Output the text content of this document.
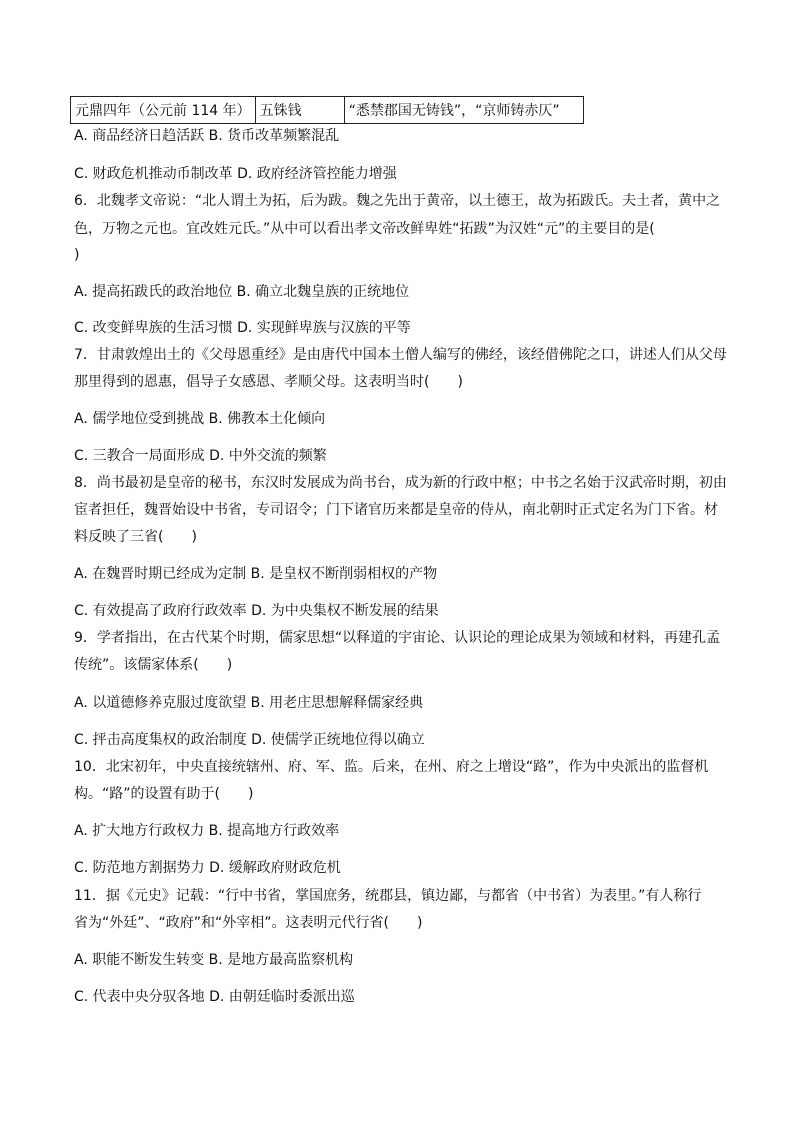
元鼎四年（公元前 114 年）	五铢钱	“悉禁郡国无铸钱”，“京师铸赤仄”
A. 商品经济日趋活跃 B. 货币改革频繁混乱
C. 财政危机推动币制改革 D. 政府经济管控能力增强
6．北魏孝文帝说：“北人谓土为拓，后为跋。魏之先出于黄帝，以土德王，故为拓跋氏。夫土者，黄中之
色，万物之元也。宜改姓元氏。”从中可以看出孝文帝改鲜卑姓“拓跋”为汉姓“元”的主要目的是(
)
A. 提高拓跋氏的政治地位 B. 确立北魏皇族的正统地位
C. 改变鲜卑族的生活习惯 D. 实现鲜卑族与汉族的平等
7．甘肃敦煌出土的《父母恩重经》是由唐代中国本土僧人编写的佛经，该经借佛陀之口，讲述人们从父母
那里得到的恩惠，倡导子女感恩、孝顺父母。这表明当时(　　)
A. 儒学地位受到挑战 B. 佛教本土化倾向
C. 三教合一局面形成 D. 中外交流的频繁
8．尚书最初是皇帝的秘书，东汉时发展成为尚书台，成为新的行政中枢；中书之名始于汉武帝时期，初由
宦者担任，魏晋始设中书省，专司诏令；门下诸官历来都是皇帝的侍从，南北朝时正式定名为门下省。材
料反映了三省(　　)
A. 在魏晋时期已经成为定制 B. 是皇权不断削弱相权的产物
C. 有效提高了政府行政效率 D. 为中央集权不断发展的结果
9．学者指出，在古代某个时期，儒家思想“以释道的宇宙论、认识论的理论成果为领域和材料，再建孔孟
传统”。该儒家体系(　　)
A. 以道德修养克服过度欲望 B. 用老庄思想解释儒家经典
C. 抨击高度集权的政治制度 D. 使儒学正统地位得以确立
10．北宋初年，中央直接统辖州、府、军、监。后来，在州、府之上增设“路”，作为中央派出的监督机
构。“路”的设置有助于(　　)
A. 扩大地方行政权力 B. 提高地方行政效率
C. 防范地方割据势力 D. 缓解政府财政危机
11．据《元史》记载：“行中书省，掌国庶务，统郡县，镇边鄙，与都省（中书省）为表里。”有人称行
省为“外廷”、“政府”和“外宰相”。这表明元代行省(　　)
A. 职能不断发生转变 B. 是地方最高监察机构
C. 代表中央分驭各地 D. 由朝廷临时委派出巡
